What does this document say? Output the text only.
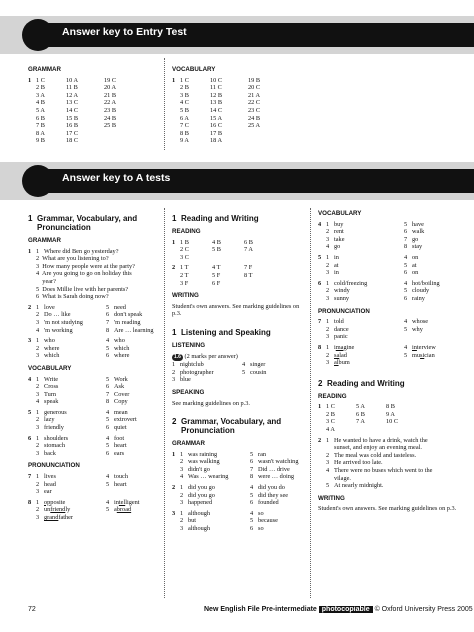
Answer key to Entry Test
GRAMMAR
1 1 C	10 A	19 C
2 B	11 B	20 A
3 A	12 A	21 B
4 B	13 C	22 A
5 A	14 C	23 B
6 B	15 B	24 B
7 B	16 B	25 B
8 A	17 C
9 B	18 C
VOCABULARY
1 1 C	10 C	19 B
2 B	11 C	20 C
3 B	12 B	21 A
4 C	13 B	22 C
5 B	14 C	23 C
6 A	15 A	24 B
7 C	16 C	25 A
8 B	17 B
9 A	18 A
Answer key to A tests
1 Grammar, Vocabulary, and Pronunciation
GRAMMAR
1 1 Where did Ben go yesterday?
2  What are you listening to?
3  How many people were at the party?
4  Are you going to go on holiday this
year?
5  Does Millie live with her parents?
6  What is Sarah doing now?
2 1 love	5 need
2 Do … like	6 don't speak
3 'm not studying	7 'm reading
4 'm working	8 Are … learning
3 1 who	4 who
2 where	5 which
3 which	6 where
VOCABULARY
4 1 Write	5 Work
2 Cross	6 Ask
3 Turn	7 Cover
4 speak	8 Copy
5 1 generous	4 mean
2 lazy	5 extrovert
3 friendly	6 quiet
6 1 shoulders	4 foot
2 stomach	5 heart
3 back	6 ears
PRONUNCIATION
7 1 lives	4 touch
2 head	5 heart
3 ear
8 1 opposite	4 intelligent
2 unfriendly	5 abroad
3 grandfather
1 Reading and Writing
READING
1 1 B	4 B	6 B
2 C	5 B	7 A
3 C
2 1 T	4 T	7 F
2 T	5 F	8 T
3 F	6 F
WRITING
Student's own answers. See marking guidelines on p.3.
1 Listening and Speaking
LISTENING
1.6 (2 marks per answer)
1 nightclub	4 singer
2 photographer	5 cousin
3 blue
SPEAKING
See marking guidelines on p.3.
2 Grammar, Vocabulary, and Pronunciation
GRAMMAR
1 1 was raining	5 ran
2 was walking	6 wasn't watching
3 didn't go	7 Did … drive
4 Was … wearing	8 were … doing
2 1 did you go	4 did you do
2 did you go	5 did they see
3 happened	6 founded
3 1 although	4 so
2 but	5 because
3 although	6 so
VOCABULARY
4 1 buy	5 have
2 rent	6 walk
3 take	7 go
4 go	8 stay
5 1 in	4 on
2 at	5 at
3 in	6 on
6 1 cold/freezing	4 hot/boiling
2 windy	5 cloudy
3 sunny	6 rainy
PRONUNCIATION
7 1 told	4 whose
2 dance	5 why
3 panic
8 1 imagine	4 interview
2 salad	5 musician
3 album
2 Reading and Writing
READING
1 1 C	5 A	8 B
2 B	6 B	9 A
3 C	7 A	10 C
4 A
2 1 He wanted to have a drink, watch the
sunset, and enjoy an evening meal.
2 The meal was cold and tasteless.
3 He arrived too late.
4 There were no buses which went to the
vilage.
5 At nearly midnight.
WRITING
Student's own answers. See marking guidelines on p.3.
72	New English File Pre-intermediate photocopiable © Oxford University Press 2005
